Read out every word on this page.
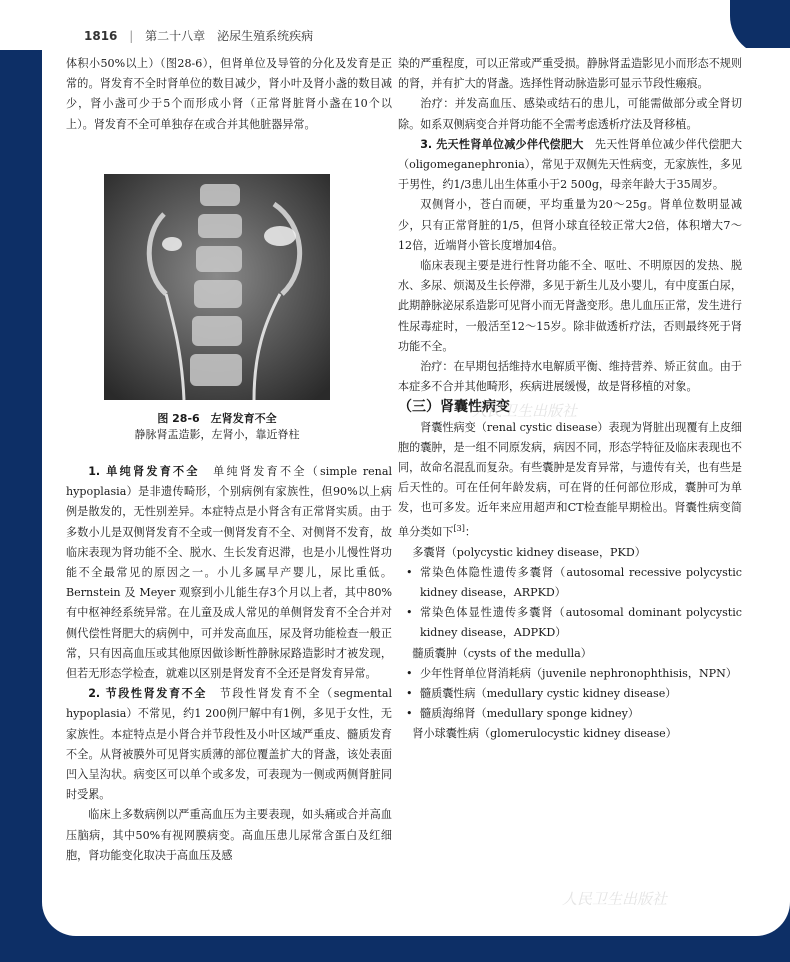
1816 | 第二十八章　泌尿生殖系统疾病

体积小50%以上）（图28-6），但肾单位及导管的分化及发育是正常的。肾发育不全时肾单位的数目减少，肾小叶及肾小盏的数目减少，肾小盏可少于5个而形成小肾（正常肾脏肾小盏在10个以上）。肾发育不全可单独存在或合并其他脏器异常。

图 28-6　左肾发育不全
静脉肾盂造影，左肾小，靠近脊柱

1. 单纯肾发育不全　 单纯肾发育不全（simple renal hypoplasia）是非遗传畸形，个别病例有家族性，但90%以上病例是散发的，无性别差异。本症特点是小肾含有正常肾实质。由于多数小儿是双侧肾发育不全或一侧肾发育不全、对侧肾不发育，故临床表现为肾功能不全、脱水、生长发育迟滞，也是小儿慢性肾功能不全最常见的原因之一。小儿多属早产婴儿，尿比重低。Bernstein 及 Meyer 观察到小儿能生存3个月以上者，其中80%有中枢神经系统异常。在儿童及成人常见的单侧肾发育不全合并对侧代偿性肾肥大的病例中，可并发高血压，尿及肾功能检查一般正常，只有因高血压或其他原因做诊断性静脉尿路造影时才被发现，但若无形态学检查，就难以区别是肾发育不全还是肾发育异常。

2. 节段性肾发育不全　 节段性肾发育不全（segmental hypoplasia）不常见，约1 200例尸解中有1例，多见于女性，无家族性。本症特点是小肾合并节段性及小叶区域严重皮、髓质发育不全。从肾被膜外可见肾实质薄的部位覆盖扩大的肾盏，该处表面凹入呈沟状。病变区可以单个或多发，可表现为一侧或两侧肾脏同时受累。

临床上多数病例以严重高血压为主要表现，如头痛或合并高血压脑病，其中50%有视网膜病变。高血压患儿尿常含蛋白及红细胞，肾功能变化取决于高血压及感

染的严重程度，可以正常或严重受损。静脉肾盂造影见小而形态不规则的肾，并有扩大的肾盏。选择性肾动脉造影可显示节段性瘢痕。

治疗：并发高血压、感染或结石的患儿，可能需做部分或全肾切除。如系双侧病变合并肾功能不全需考虑透析疗法及肾移植。

3. 先天性肾单位减少伴代偿肥大　 先天性肾单位减少伴代偿肥大（oligomeganephronia），常见于双侧先天性病变，无家族性，多见于男性，约1/3患儿出生体重小于2 500g，母亲年龄大于35周岁。

双侧肾小，苍白而硬，平均重量为20～25g。肾单位数明显减少，只有正常肾脏的1/5，但肾小球直径较正常大2倍，体积增大7～12倍，近端肾小管长度增加4倍。

临床表现主要是进行性肾功能不全、呕吐、不明原因的发热、脱水、多尿、烦渴及生长停滞，多见于新生儿及小婴儿，有中度蛋白尿，此期静脉泌尿系造影可见肾小而无肾盏变形。患儿血压正常，发生进行性尿毒症时，一般活至12～15岁。除非做透析疗法，否则最终死于肾功能不全。

治疗：在早期包括维持水电解质平衡、维持营养、矫正贫血。由于本症多不合并其他畸形，疾病进展缓慢，故是肾移植的对象。

（三）肾囊性病变

肾囊性病变（renal cystic disease）表现为肾脏出现覆有上皮细胞的囊肿，是一组不同原发病，病因不同，形态学特征及临床表现也不同，故命名混乱而复杂。有些囊肿是发育异常，与遗传有关，也有些是后天性的。可在任何年龄发病，可在肾的任何部位形成，囊肿可为单发，也可多发。近年来应用超声和CT检查能早期检出。肾囊性病变简单分类如下[3]：

多囊肾（polycystic kidney disease，PKD）

• 常染色体隐性遗传多囊肾（autosomal recessive polycystic kidney disease，ARPKD）

• 常染色体显性遗传多囊肾（autosomal dominant polycystic kidney disease，ADPKD）

髓质囊肿（cysts of the medulla）

• 少年性肾单位肾消耗病（juvenile nephronophthisis，NPN）

• 髓质囊性病（medullary cystic kidney disease）

• 髓质海绵肾（medullary sponge kidney）

肾小球囊性病（glomerulocystic kidney disease）

人民卫生出版社
人民卫生出版社
